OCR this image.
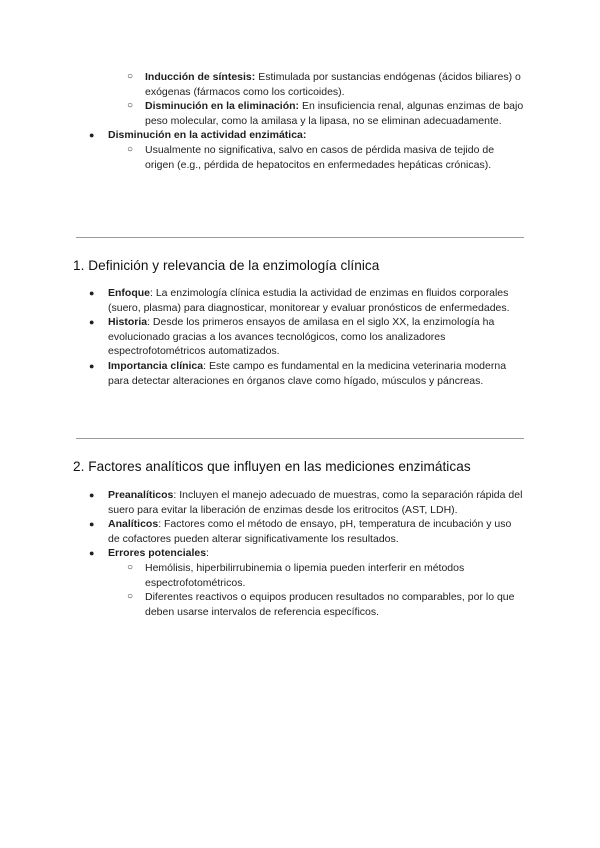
○ Inducción de síntesis: Estimulada por sustancias endógenas (ácidos biliares) o exógenas (fármacos como los corticoides).
○ Disminución en la eliminación: En insuficiencia renal, algunas enzimas de bajo peso molecular, como la amilasa y la lipasa, no se eliminan adecuadamente.
● Disminución en la actividad enzimática:
○ Usualmente no significativa, salvo en casos de pérdida masiva de tejido de origen (e.g., pérdida de hepatocitos en enfermedades hepáticas crónicas).
1. Definición y relevancia de la enzimología clínica
● Enfoque: La enzimología clínica estudia la actividad de enzimas en fluidos corporales (suero, plasma) para diagnosticar, monitorear y evaluar pronósticos de enfermedades.
● Historia: Desde los primeros ensayos de amilasa en el siglo XX, la enzimología ha evolucionado gracias a los avances tecnológicos, como los analizadores espectrofotométricos automatizados.
● Importancia clínica: Este campo es fundamental en la medicina veterinaria moderna para detectar alteraciones en órganos clave como hígado, músculos y páncreas.
2. Factores analíticos que influyen en las mediciones enzimáticas
● Preanalíticos: Incluyen el manejo adecuado de muestras, como la separación rápida del suero para evitar la liberación de enzimas desde los eritrocitos (AST, LDH).
● Analíticos: Factores como el método de ensayo, pH, temperatura de incubación y uso de cofactores pueden alterar significativamente los resultados.
● Errores potenciales:
○ Hemólisis, hiperbilirrubinemia o lipemia pueden interferir en métodos espectrofotométricos.
○ Diferentes reactivos o equipos producen resultados no comparables, por lo que deben usarse intervalos de referencia específicos.
